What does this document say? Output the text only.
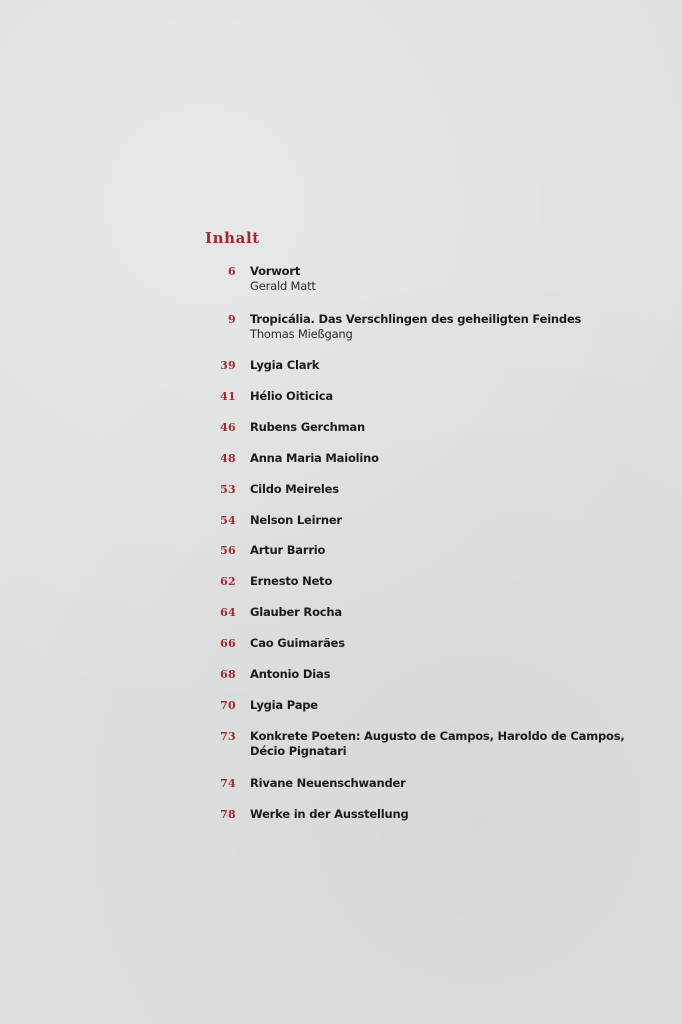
Inhalt
6 Vorwort
Gerald Matt
9 Tropicália. Das Verschlingen des geheiligten Feindes
Thomas Mießgang
39 Lygia Clark
41 Hélio Oiticica
46 Rubens Gerchman
48 Anna Maria Maiolino
53 Cildo Meireles
54 Nelson Leirner
56 Artur Barrio
62 Ernesto Neto
64 Glauber Rocha
66 Cao Guimarães
68 Antonio Dias
70 Lygia Pape
73 Konkrete Poeten: Augusto de Campos, Haroldo de Campos, Décio Pignatari
74 Rivane Neuenschwander
78 Werke in der Ausstellung
